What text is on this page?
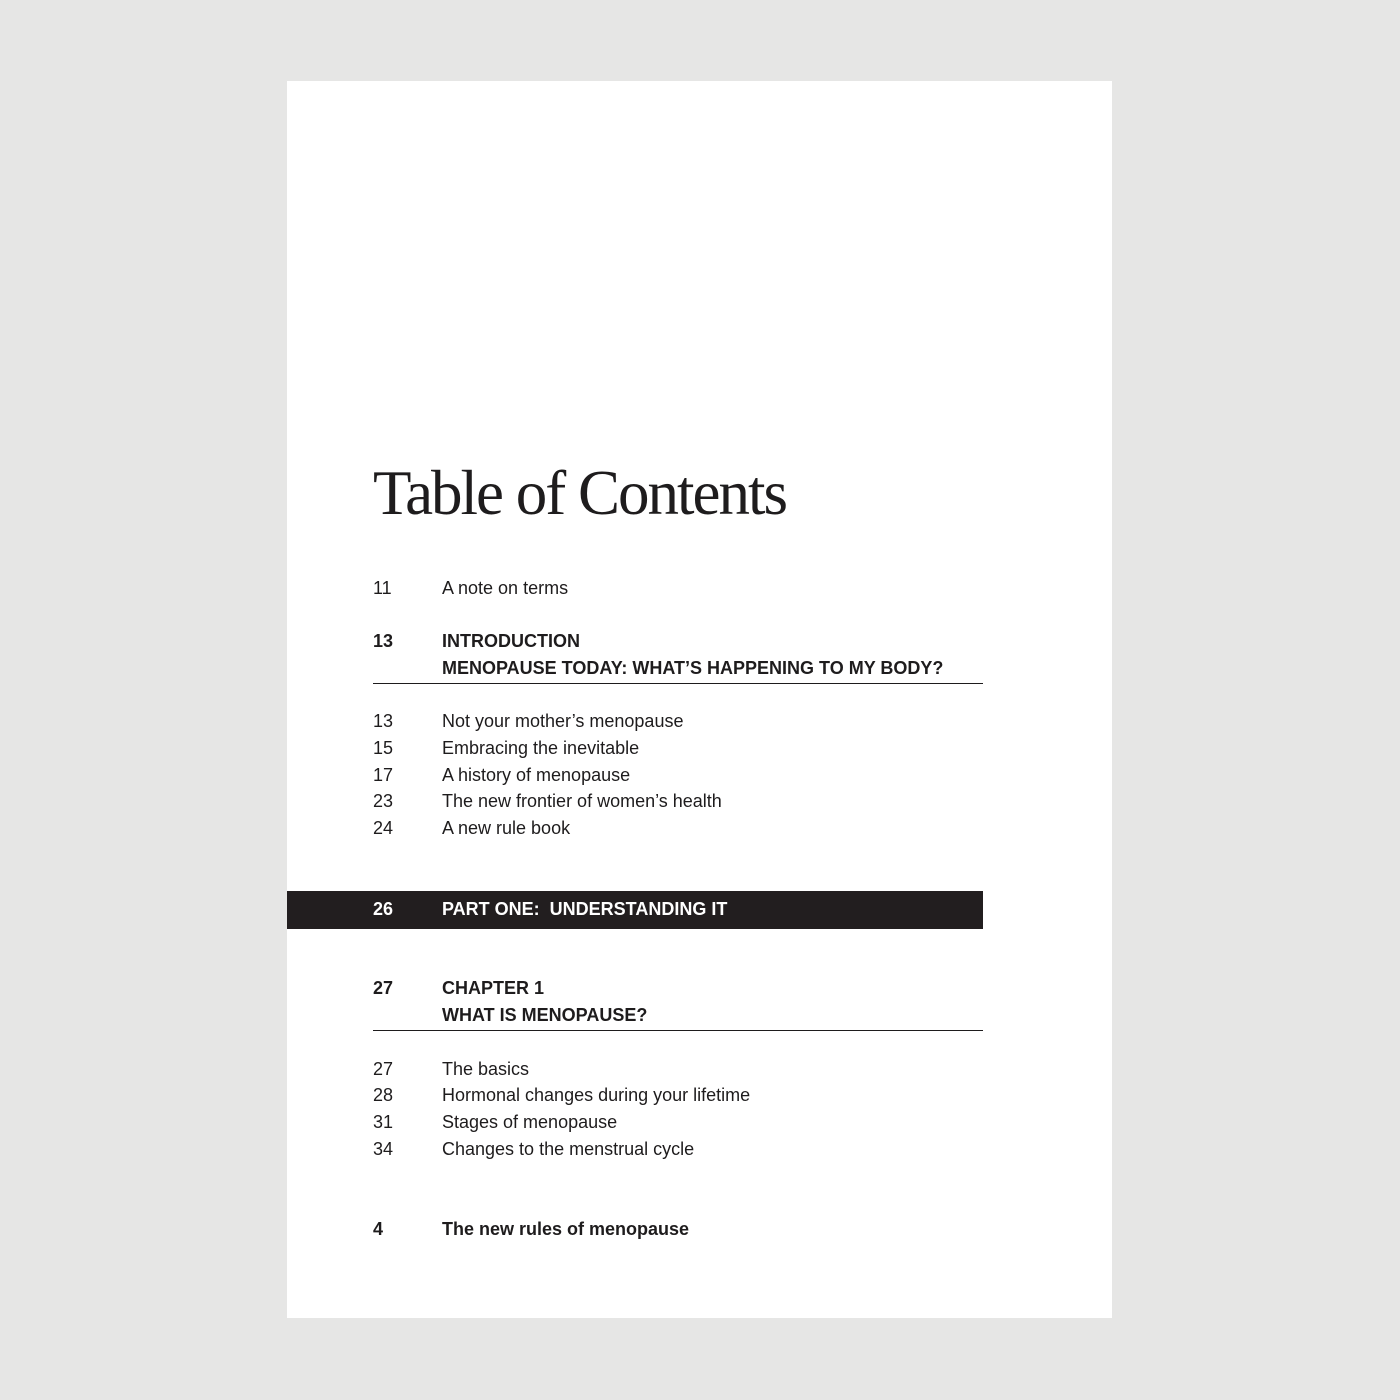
Table of Contents
11	A note on terms
13	INTRODUCTION
MENOPAUSE TODAY: WHAT’S HAPPENING TO MY BODY?
13	Not your mother’s menopause
15	Embracing the inevitable
17	A history of menopause
23	The new frontier of women’s health
24	A new rule book
26	PART ONE:  UNDERSTANDING IT
27	CHAPTER 1
WHAT IS MENOPAUSE?
27	The basics
28	Hormonal changes during your lifetime
31	Stages of menopause
34	Changes to the menstrual cycle
4	The new rules of menopause
